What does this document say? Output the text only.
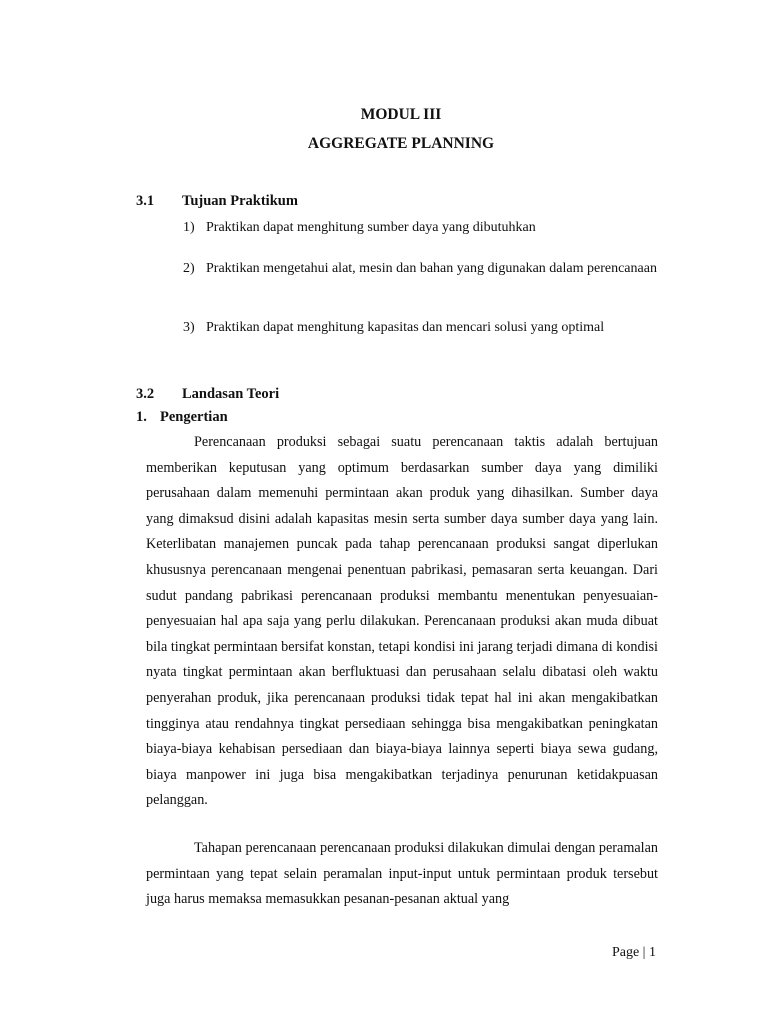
MODUL III
AGGREGATE PLANNING
3.1 Tujuan Praktikum
1) Praktikan dapat menghitung sumber daya yang dibutuhkan
2) Praktikan mengetahui alat, mesin dan bahan yang digunakan dalam perencanaan
3) Praktikan dapat menghitung kapasitas dan mencari solusi yang optimal
3.2 Landasan Teori
1. Pengertian

Perencanaan produksi sebagai suatu perencanaan taktis adalah bertujuan memberikan keputusan yang optimum berdasarkan sumber daya yang dimiliki perusahaan dalam memenuhi permintaan akan produk yang dihasilkan. Sumber daya yang dimaksud disini adalah kapasitas mesin serta sumber daya sumber daya yang lain. Keterlibatan manajemen puncak pada tahap perencanaan produksi sangat diperlukan khususnya perencanaan mengenai penentuan pabrikasi, pemasaran serta keuangan. Dari sudut pandang pabrikasi perencanaan produksi membantu menentukan penyesuaian-penyesuaian hal apa saja yang perlu dilakukan. Perencanaan produksi akan muda dibuat bila tingkat permintaan bersifat konstan, tetapi kondisi ini jarang terjadi dimana di kondisi nyata tingkat permintaan akan berfluktuasi dan perusahaan selalu dibatasi oleh waktu penyerahan produk, jika perencanaan produksi tidak tepat hal ini akan mengakibatkan tingginya atau rendahnya tingkat persediaan sehingga bisa mengakibatkan peningkatan biaya-biaya kehabisan persediaan dan biaya-biaya lainnya seperti biaya sewa gudang, biaya manpower ini juga bisa mengakibatkan terjadinya penurunan ketidakpuasan pelanggan.

Tahapan perencanaan perencanaan produksi dilakukan dimulai dengan peramalan permintaan yang tepat selain peramalan input-input untuk permintaan produk tersebut juga harus memaksa memasukkan pesanan-pesanan aktual yang

Page | 1
